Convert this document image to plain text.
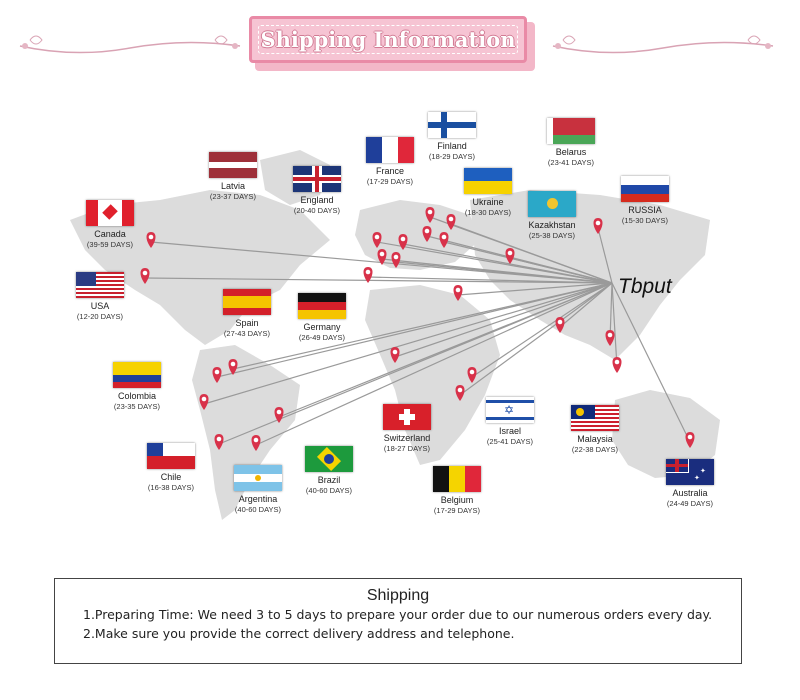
Shipping Information
Tbput
Finland
(18-29 DAYS)	Belarus
(23-41 DAYS)
France
(17-29 DAYS)
Latvia
(23-37 DAYS)	England
(20-40 DAYS)
Ukraine
(18-30 DAYS)	RUSSIA
(15-30 DAYS)
Kazakhstan
(25-38 DAYS)
Canada
(39-59 DAYS)
USA
(12-20 DAYS)
Spain
(27-43 DAYS)
Germany
(26-49 DAYS)
Colombia
(23-35 DAYS)
Switzerland
(18-27 DAYS)
✡
Israel
(25-41 DAYS)	Malaysia
(22-38 DAYS)
Chile
(16-38 DAYS)
Brazil
(40-60 DAYS)
Argentina
(40-60 DAYS)
Belgium
(17-29 DAYS)
✦
✦
Australia
(24-49 DAYS)
Shipping
1.Preparing Time: We need 3 to 5 days to prepare your order due to our numerous orders every day.
2.Make sure you provide the correct delivery address and telephone.
